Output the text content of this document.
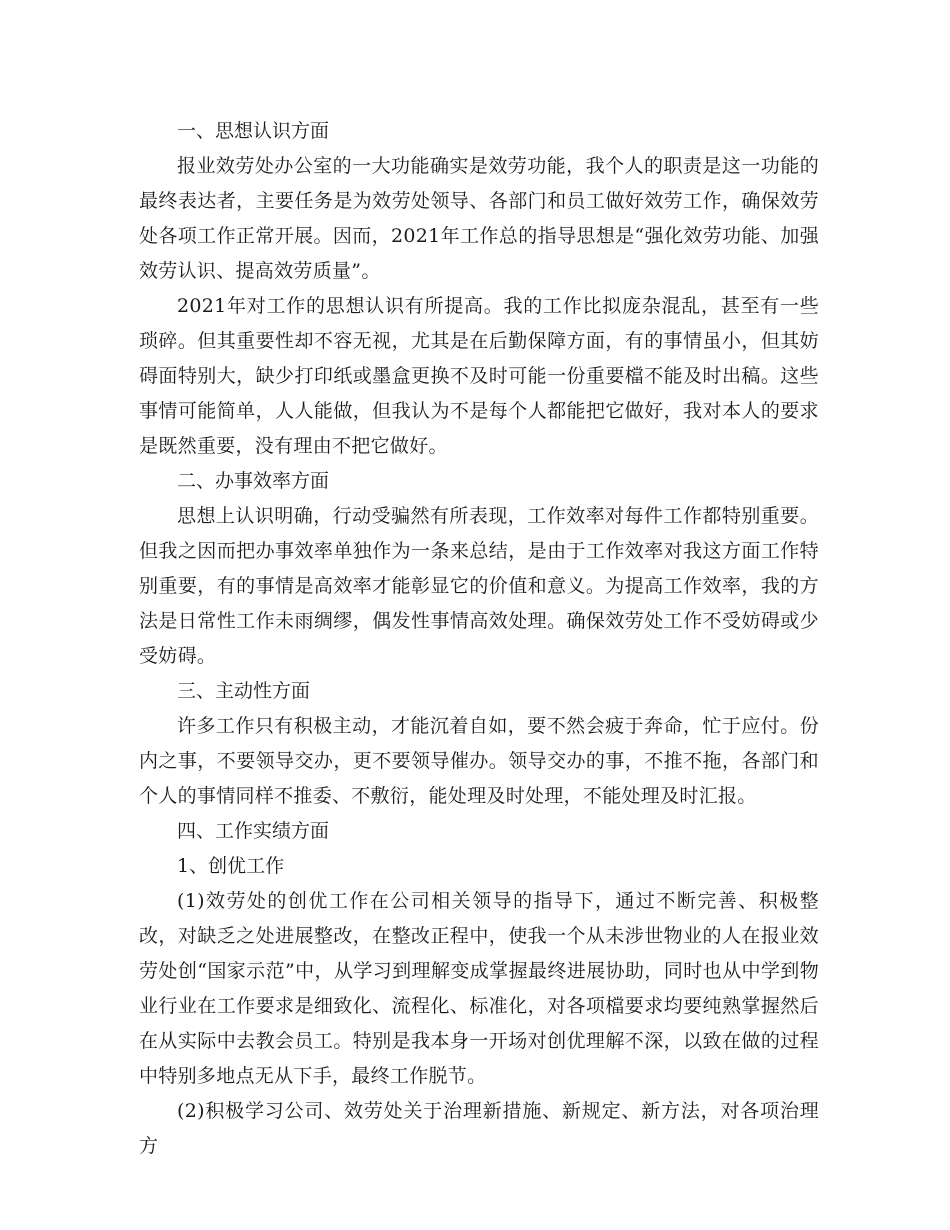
一、思想认识方面

报业效劳处办公室的一大功能确实是效劳功能，我个人的职责是这一功能的最终表达者，主要任务是为效劳处领导、各部门和员工做好效劳工作，确保效劳处各项工作正常开展。因而，2021年工作总的指导思想是“强化效劳功能、加强效劳认识、提高效劳质量”。

2021年对工作的思想认识有所提高。我的工作比拟庞杂混乱，甚至有一些琐碎。但其重要性却不容无视，尤其是在后勤保障方面，有的事情虽小，但其妨碍面特别大，缺少打印纸或墨盒更换不及时可能一份重要檔不能及时出稿。这些事情可能简单，人人能做，但我认为不是每个人都能把它做好，我对本人的要求是既然重要，没有理由不把它做好。

二、办事效率方面

思想上认识明确，行动受骗然有所表现，工作效率对每件工作都特别重要。但我之因而把办事效率单独作为一条来总结，是由于工作效率对我这方面工作特别重要，有的事情是高效率才能彰显它的价值和意义。为提高工作效率，我的方法是日常性工作未雨绸缪，偶发性事情高效处理。确保效劳处工作不受妨碍或少受妨碍。

三、主动性方面

许多工作只有积极主动，才能沉着自如，要不然会疲于奔命，忙于应付。份内之事，不要领导交办，更不要领导催办。领导交办的事，不推不拖，各部门和个人的事情同样不推委、不敷衍，能处理及时处理，不能处理及时汇报。

四、工作实绩方面

1、创优工作

(1)效劳处的创优工作在公司相关领导的指导下，通过不断完善、积极整改，对缺乏之处进展整改，在整改正程中，使我一个从未涉世物业的人在报业效劳处创“国家示范”中，从学习到理解变成掌握最终进展协助，同时也从中学到物业行业在工作要求是细致化、流程化、标准化，对各项檔要求均要纯熟掌握然后在从实际中去教会员工。特别是我本身一开场对创优理解不深，以致在做的过程中特别多地点无从下手，最终工作脱节。

(2)积极学习公司、效劳处关于治理新措施、新规定、新方法，对各项治理方
